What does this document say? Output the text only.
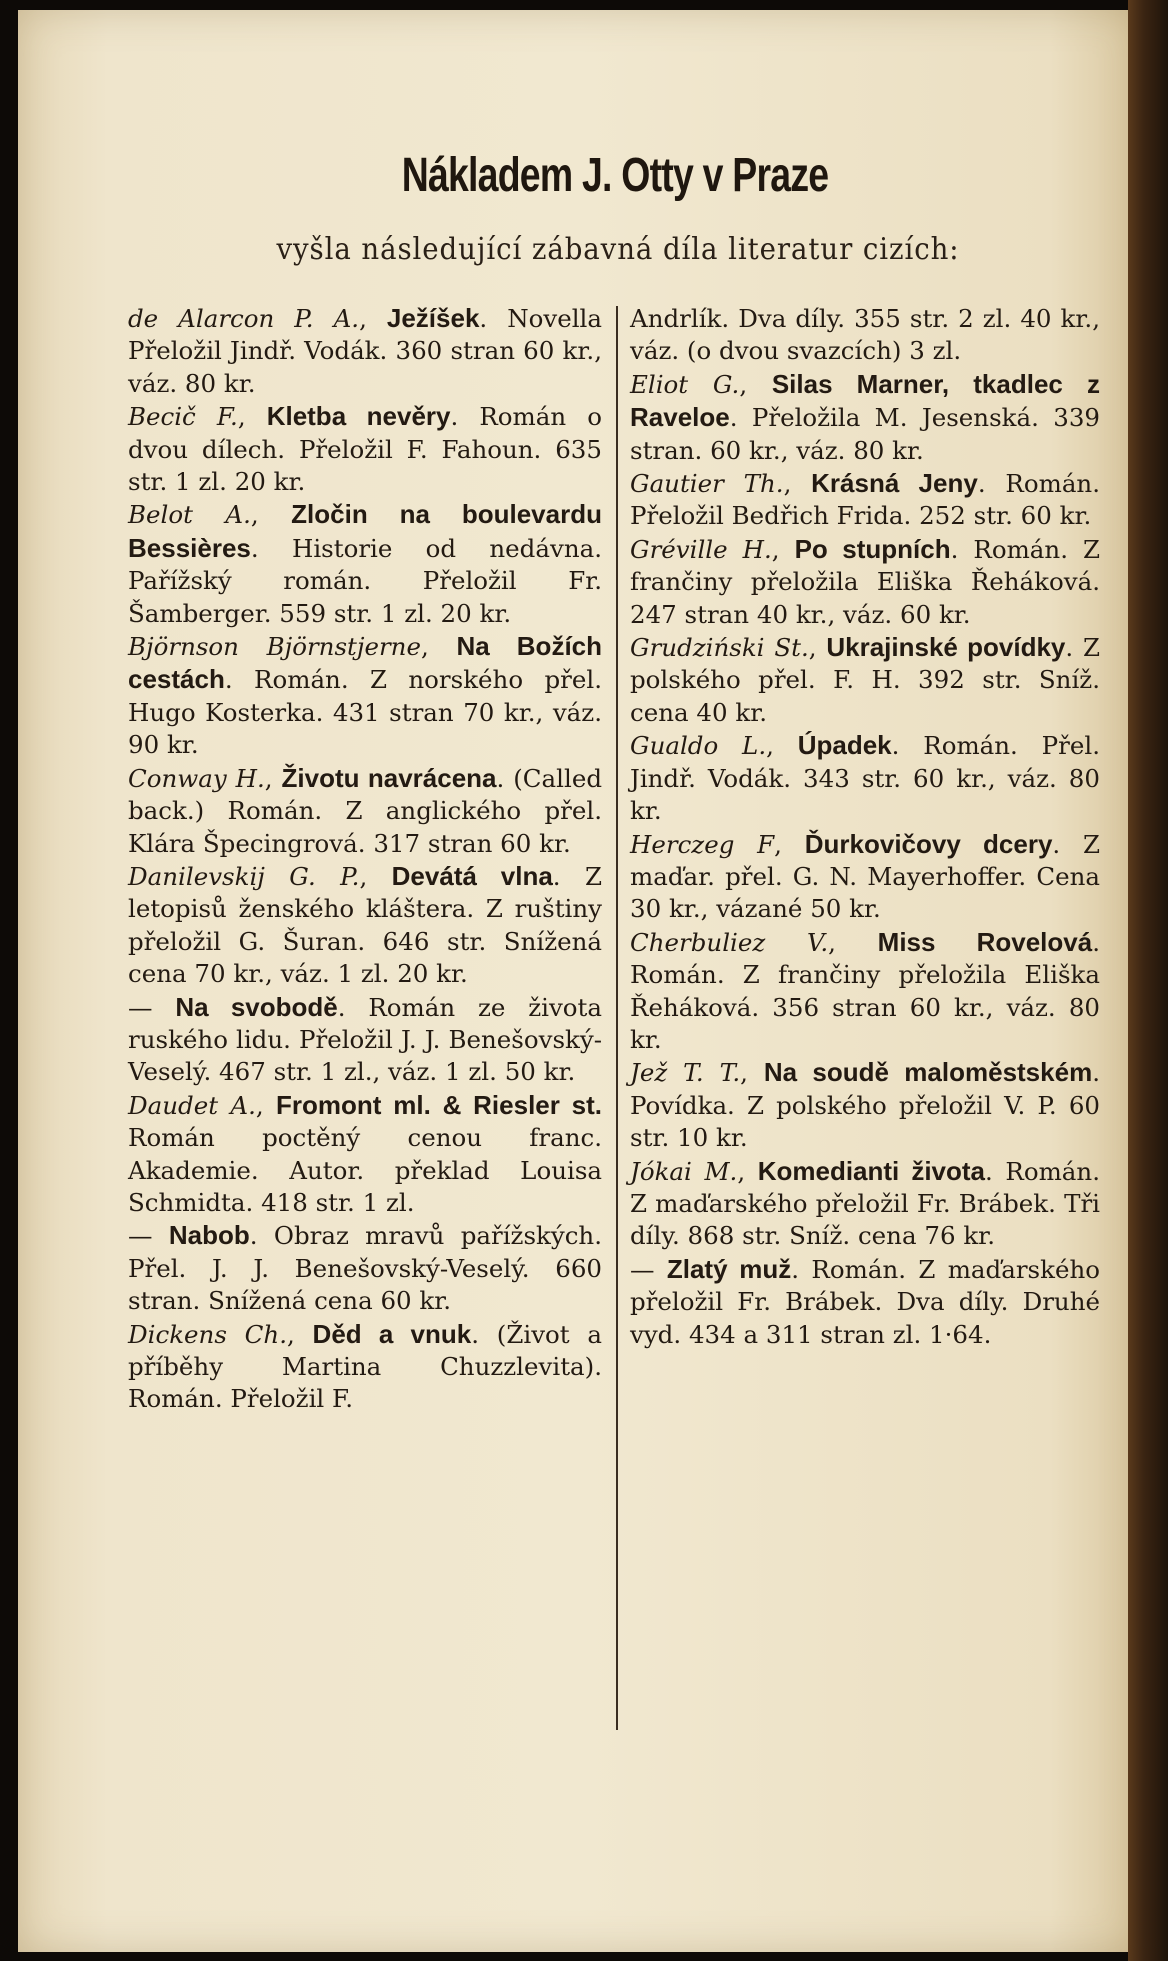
Nákladem J. Otty v Praze
vyšla následující zábavná díla literatur cizích:
de Alarcon P. A., Ježíšek. Novella Přeložil Jindř. Vodák. 360 stran 60 kr., váz. 80 kr.
Becič F., Kletba nevěry. Román o dvou dílech. Přeložil F. Fahoun. 635 str. 1 zl. 20 kr.
Belot A., Zločin na boulevardu Bessières. Historie od nedávna. Pařížský román. Přeložil Fr. Šamberger. 559 str. 1 zl. 20 kr.
Björnson Björnstjerne, Na Božích cestách. Román. Z norského přel. Hugo Kosterka. 431 stran 70 kr., váz. 90 kr.
Conway H., Životu navrácena. (Called back.) Román. Z anglického přel. Klára Špecingrová. 317 stran 60 kr.
Danilevskij G. P., Devátá vlna. Z letopisů ženského kláštera. Z ruštiny přeložil G. Šuran. 646 str. Snížená cena 70 kr., váz. 1 zl. 20 kr.
— Na svobodě. Román ze života ruského lidu. Přeložil J. J. Benešovský-Veselý. 467 str. 1 zl., váz. 1 zl. 50 kr.
Daudet A., Fromont ml. & Riesler st. Román poctěný cenou franc. Akademie. Autor. překlad Louisa Schmidta. 418 str. 1 zl.
— Nabob. Obraz mravů pařížských. Přel. J. J. Benešovský-Veselý. 660 stran. Snížená cena 60 kr.
Dickens Ch., Děd a vnuk. (Život a příběhy Martina Chuzzlevita). Román. Přeložil F.
Andrlík. Dva díly. 355 str. 2 zl. 40 kr., váz. (o dvou svazcích) 3 zl.
Eliot G., Silas Marner, tkadlec z Raveloe. Přeložila M. Jesenská. 339 stran. 60 kr., váz. 80 kr.
Gautier Th., Krásná Jeny. Román. Přeložil Bedřich Frida. 252 str. 60 kr.
Gréville H., Po stupních. Román. Z frančiny přeložila Eliška Řeháková. 247 stran 40 kr., váz. 60 kr.
Grudziński St., Ukrajinské povídky. Z polského přel. F. H. 392 str. Sníž. cena 40 kr.
Gualdo L., Úpadek. Román. Přel. Jindř. Vodák. 343 str. 60 kr., váz. 80 kr.
Herczeg F, Ďurkovičovy dcery. Z maďar. přel. G. N. Mayerhoffer. Cena 30 kr., vázané 50 kr.
Cherbuliez V., Miss Rovelová. Román. Z frančiny přeložila Eliška Řeháková. 356 stran 60 kr., váz. 80 kr.
Jež T. T., Na soudě maloměstském. Povídka. Z polského přeložil V. P. 60 str. 10 kr.
Jókai M., Komedianti života. Román. Z maďarského přeložil Fr. Brábek. Tři díly. 868 str. Sníž. cena 76 kr.
— Zlatý muž. Román. Z maďarského přeložil Fr. Brábek. Dva díly. Druhé vyd. 434 a 311 stran zl. 1·64.
